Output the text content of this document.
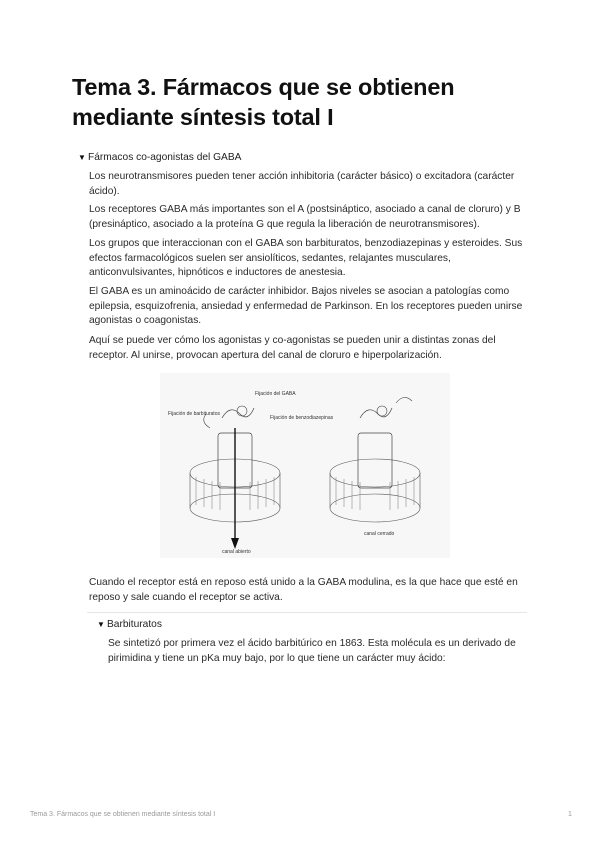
Tema 3. Fármacos que se obtienen mediante síntesis total I
▼ Fármacos co-agonistas del GABA

Los neurotransmisores pueden tener acción inhibitoria (carácter básico) o excitadora (carácter ácido).

Los receptores GABA más importantes son el A (postsináptico, asociado a canal de cloruro) y B (presináptico, asociado a la proteína G que regula la liberación de neurotransmisores).

Los grupos que interaccionan con el GABA son barbituratos, benzodiazepinas y esteroides. Sus efectos farmacológicos suelen ser ansiolíticos, sedantes, relajantes musculares, anticonvulsivantes, hipnóticos e inductores de anestesia.

El GABA es un aminoácido de carácter inhibidor. Bajos niveles se asocian a patologías como epilepsia, esquizofrenia, ansiedad y enfermedad de Parkinson. En los receptores pueden unirse agonistas o coagonistas.

Aquí se puede ver cómo los agonistas y co-agonistas se pueden unir a distintas zonas del receptor. Al unirse, provocan apertura del canal de cloruro e hiperpolarización.

Fijación del GABA
Fijación de barbituratos
Fijación de benzodiazepinas
canal abierto
canal cerrado

Cuando el receptor está en reposo está unido a la GABA modulina, es la que hace que esté en reposo y sale cuando el receptor se activa.

▼ Barbituratos

Se sintetizó por primera vez el ácido barbitúrico en 1863. Esta molécula es un derivado de pirimidina y tiene un pKa muy bajo, por lo que tiene un carácter muy ácido:

Tema 3. Fármacos que se obtienen mediante síntesis total I	1
